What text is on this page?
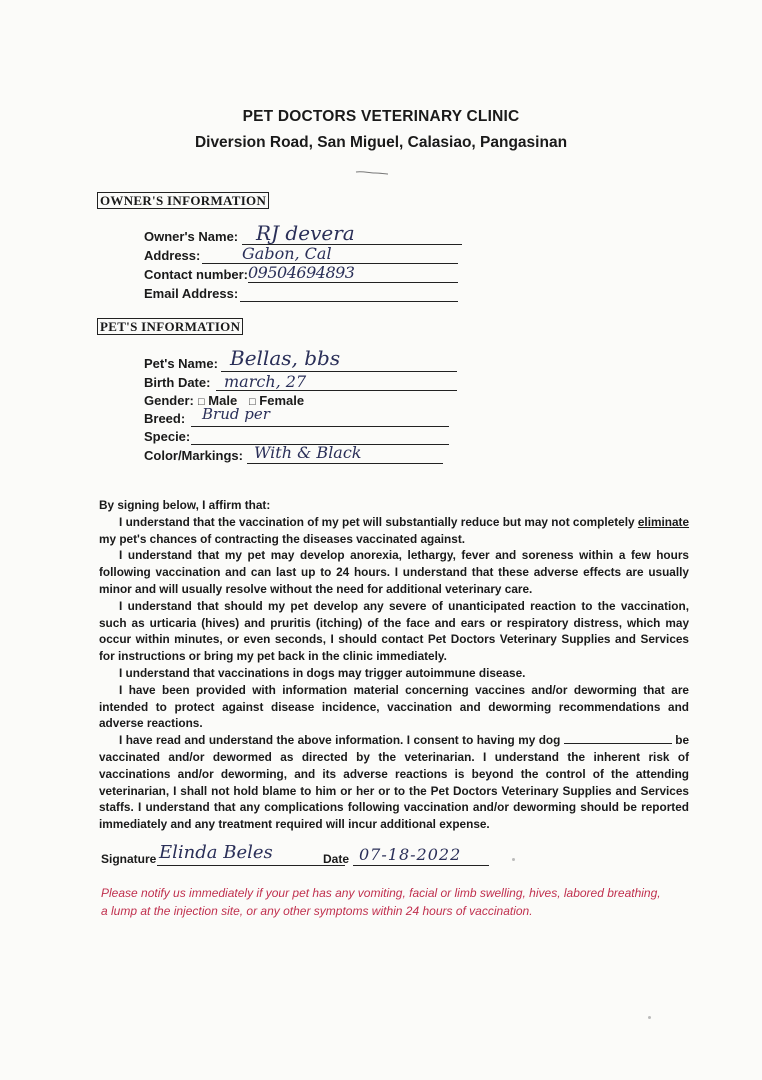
PET DOCTORS VETERINARY CLINIC
Diversion Road, San Miguel, Calasiao, Pangasinan
OWNER'S INFORMATION
Owner's Name: RJ devera
Address:	Gabon, Cal
Contact number: 09504694893
Email Address:
PET'S INFORMATION
Pet's Name: Bellas, bbs
Birth Date: march, 27
Gender: □ Male □ Female
Breed: Brud per
Specie:
Color/Markings: With & Black

By signing below, I affirm that:

I understand that the vaccination of my pet will substantially reduce but may not completely eliminate my pet's chances of contracting the diseases vaccinated against.

I understand that my pet may develop anorexia, lethargy, fever and soreness within a few hours following vaccination and can last up to 24 hours. I understand that these adverse effects are usually minor and will usually resolve without the need for additional veterinary care.

I understand that should my pet develop any severe of unanticipated reaction to the vaccination, such as urticaria (hives) and pruritis (itching) of the face and ears or respiratory distress, which may occur within minutes, or even seconds, I should contact Pet Doctors Veterinary Supplies and Services for instructions or bring my pet back in the clinic immediately.

I understand that vaccinations in dogs may trigger autoimmune disease.

I have been provided with information material concerning vaccines and/or deworming that are intended to protect against disease incidence, vaccination and deworming recommendations and adverse reactions.

I have read and understand the above information. I consent to having my dog	be vaccinated and/or dewormed as directed by the veterinarian. I understand the inherent risk of vaccinations and/or deworming, and its adverse reactions is beyond the control of the attending veterinarian, I shall not hold blame to him or her or to the Pet Doctors Veterinary Supplies and Services staffs. I understand that any complications following vaccination and/or deworming should be reported immediately and any treatment required will incur additional expense.

Signature Elinda Beles	Date 07-18-2022
Please notify us immediately if your pet has any vomiting, facial or limb swelling, hives, labored breathing, a lump at the injection site, or any other symptoms within 24 hours of vaccination.
